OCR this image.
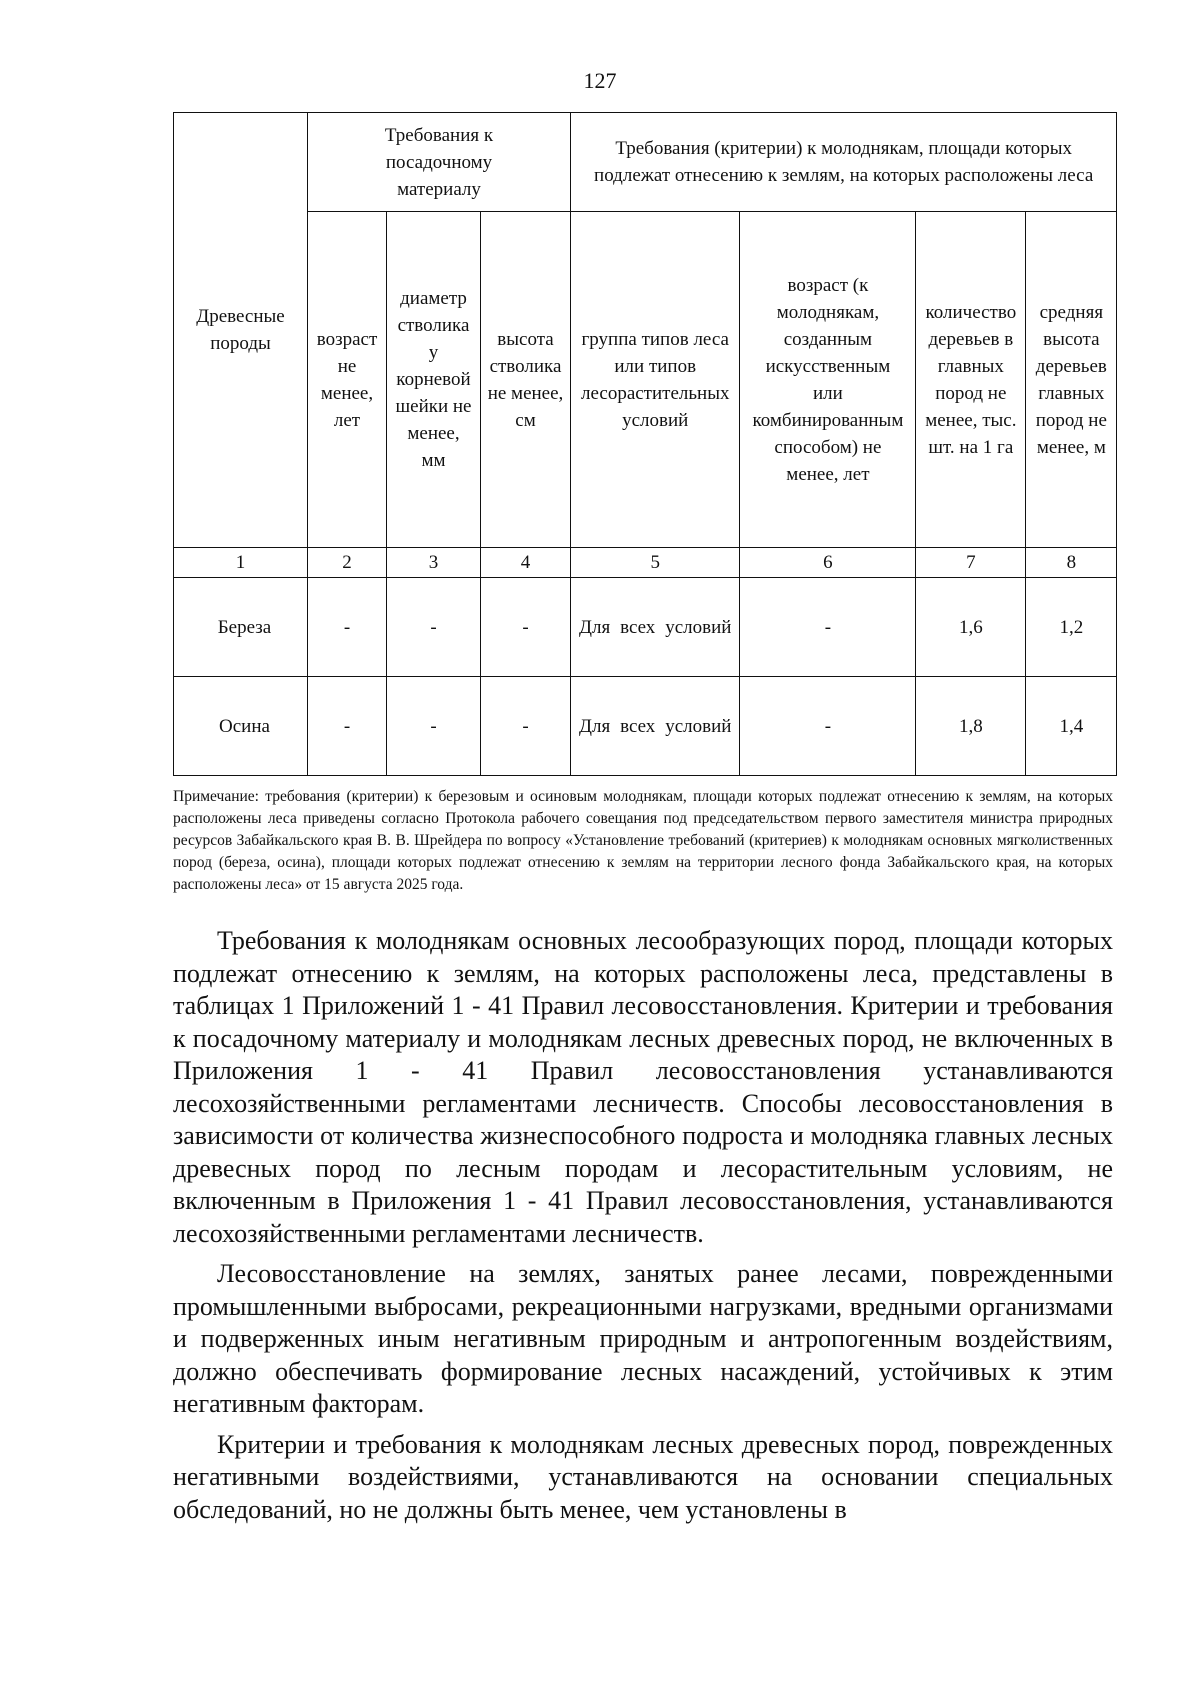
127
Древесные породы	Требования к посадочному материалу			Требования (критерии) к молоднякам, площади которых подлежат отнесению к землям, на которых расположены леса			
	возраст не менее, лет	диаметр стволика у корневой шейки не менее, мм	высота стволика не менее, см	группа типов леса или типов лесорастительных условий	возраст (к молоднякам, созданным искусственным или комбинированным способом) не менее, лет	количество деревьев в главных пород не менее, тыс. шт. на 1 га	средняя высота деревьев главных пород не менее, м
1	2	3	4	5	6	7	8
Береза	-	-	-	Для всех условий	-	1,6	1,2
Осина	-	-	-	Для всех условий	-	1,8	1,4
Примечание: требования (критерии) к березовым и осиновым молоднякам, площади которых подлежат отнесению к землям, на которых расположены леса приведены согласно Протокола рабочего совещания под председательством первого заместителя министра природных ресурсов Забайкальского края В. В. Шрейдера по вопросу «Установление требований (критериев) к молоднякам основных мягколиственных пород (береза, осина), площади которых подлежат отнесению к землям на территории лесного фонда Забайкальского края, на которых расположены леса» от 15 августа 2025 года.

Требования к молоднякам основных лесообразующих пород, площади которых подлежат отнесению к землям, на которых расположены леса, представлены в таблицах 1 Приложений 1 - 41 Правил лесовосстановления. Критерии и требования к посадочному материалу и молоднякам лесных древесных пород, не включенных в Приложения 1 - 41 Правил лесовосстановления устанавливаются лесохозяйственными регламентами лесничеств. Способы лесовосстановления в зависимости от количества жизнеспособного подроста и молодняка главных лесных древесных пород по лесным породам и лесорастительным условиям, не включенным в Приложения 1 - 41 Правил лесовосстановления, устанавливаются лесохозяйственными регламентами лесничеств.

Лесовосстановление на землях, занятых ранее лесами, поврежденными промышленными выбросами, рекреационными нагрузками, вредными организмами и подверженных иным негативным природным и антропогенным воздействиям, должно обеспечивать формирование лесных насаждений, устойчивых к этим негативным факторам.

Критерии и требования к молоднякам лесных древесных пород, поврежденных негативными воздействиями, устанавливаются на основании специальных обследований, но не должны быть менее, чем установлены в
